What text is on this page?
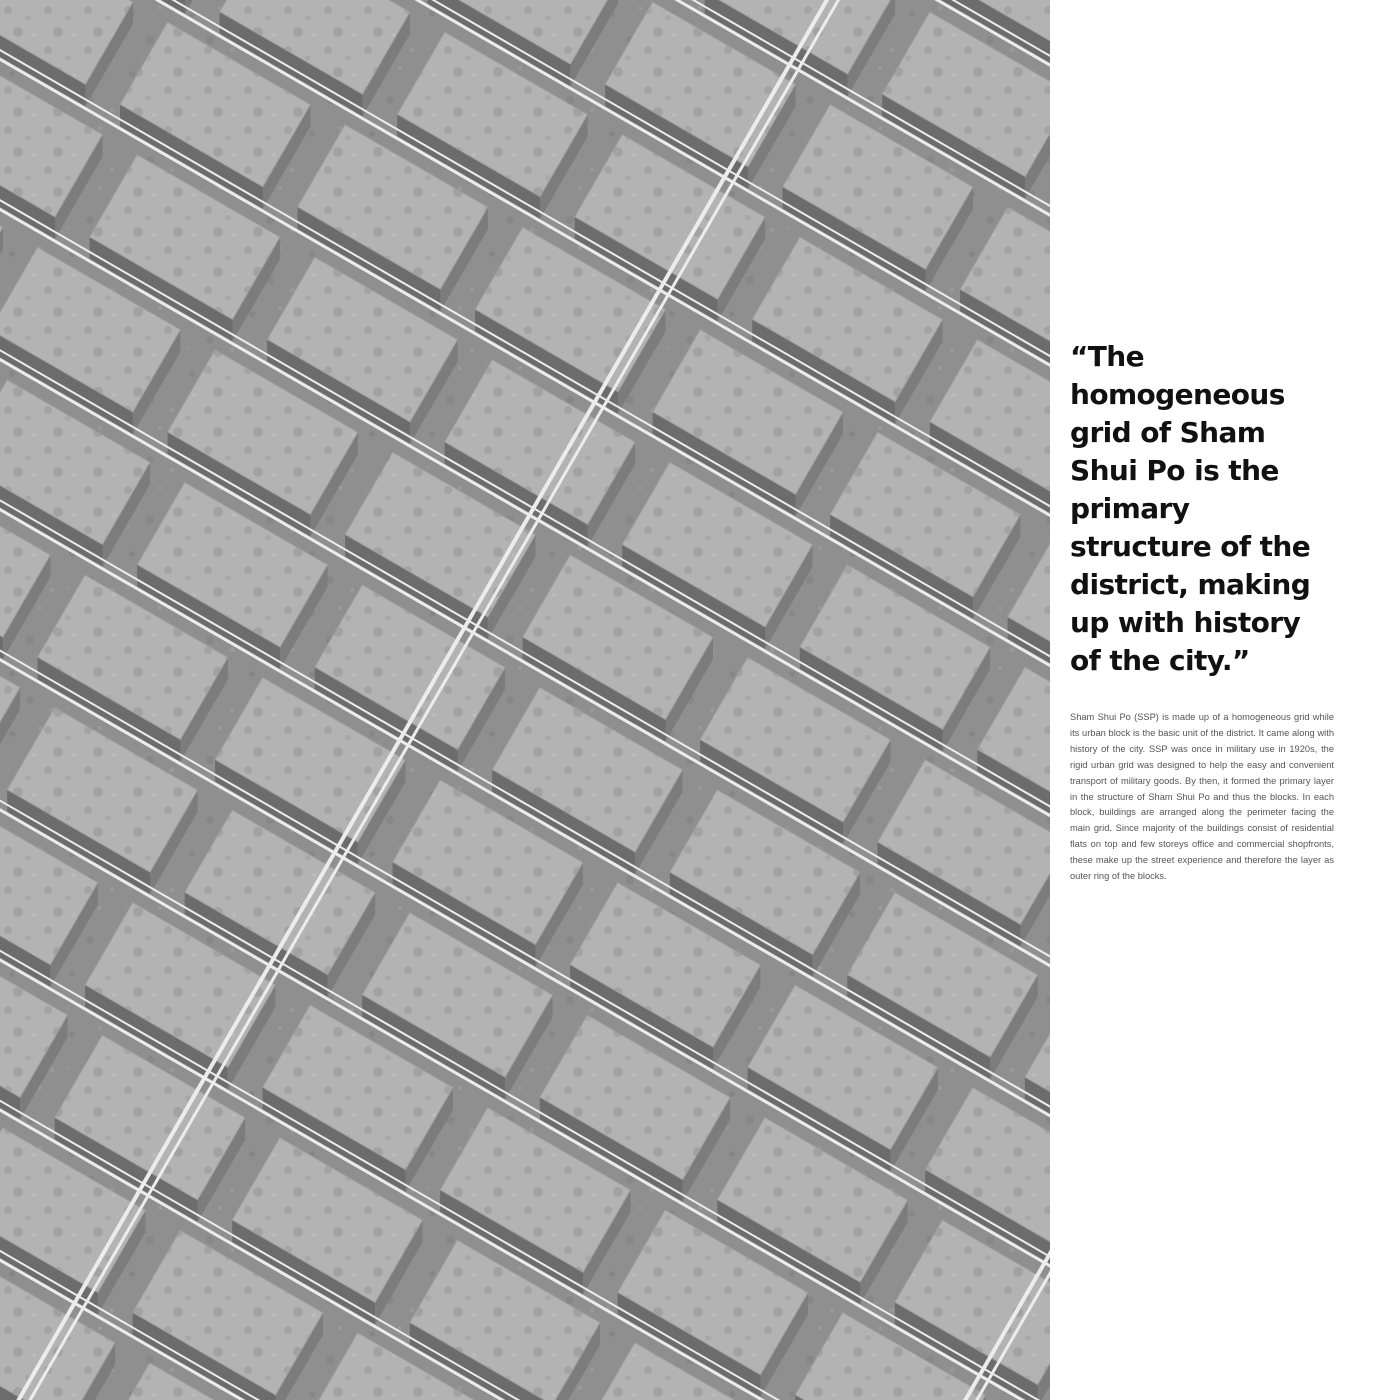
“The homogeneous grid of Sham Shui Po is the primary structure of the district, making up with history of the city.”

Sham Shui Po (SSP) is made up of a homogeneous grid while its urban block is the basic unit of the district. It came along with history of the city. SSP was once in military use in 1920s, the rigid urban grid was designed to help the easy and convenient transport of military goods. By then, it formed the primary layer in the structure of Sham Shui Po and thus the blocks. In each block, buildings are arranged along the perimeter facing the main grid. Since majority of the buildings consist of residential flats on top and few storeys office and commercial shopfronts, these make up the street experience and therefore the layer as outer ring of the blocks.
